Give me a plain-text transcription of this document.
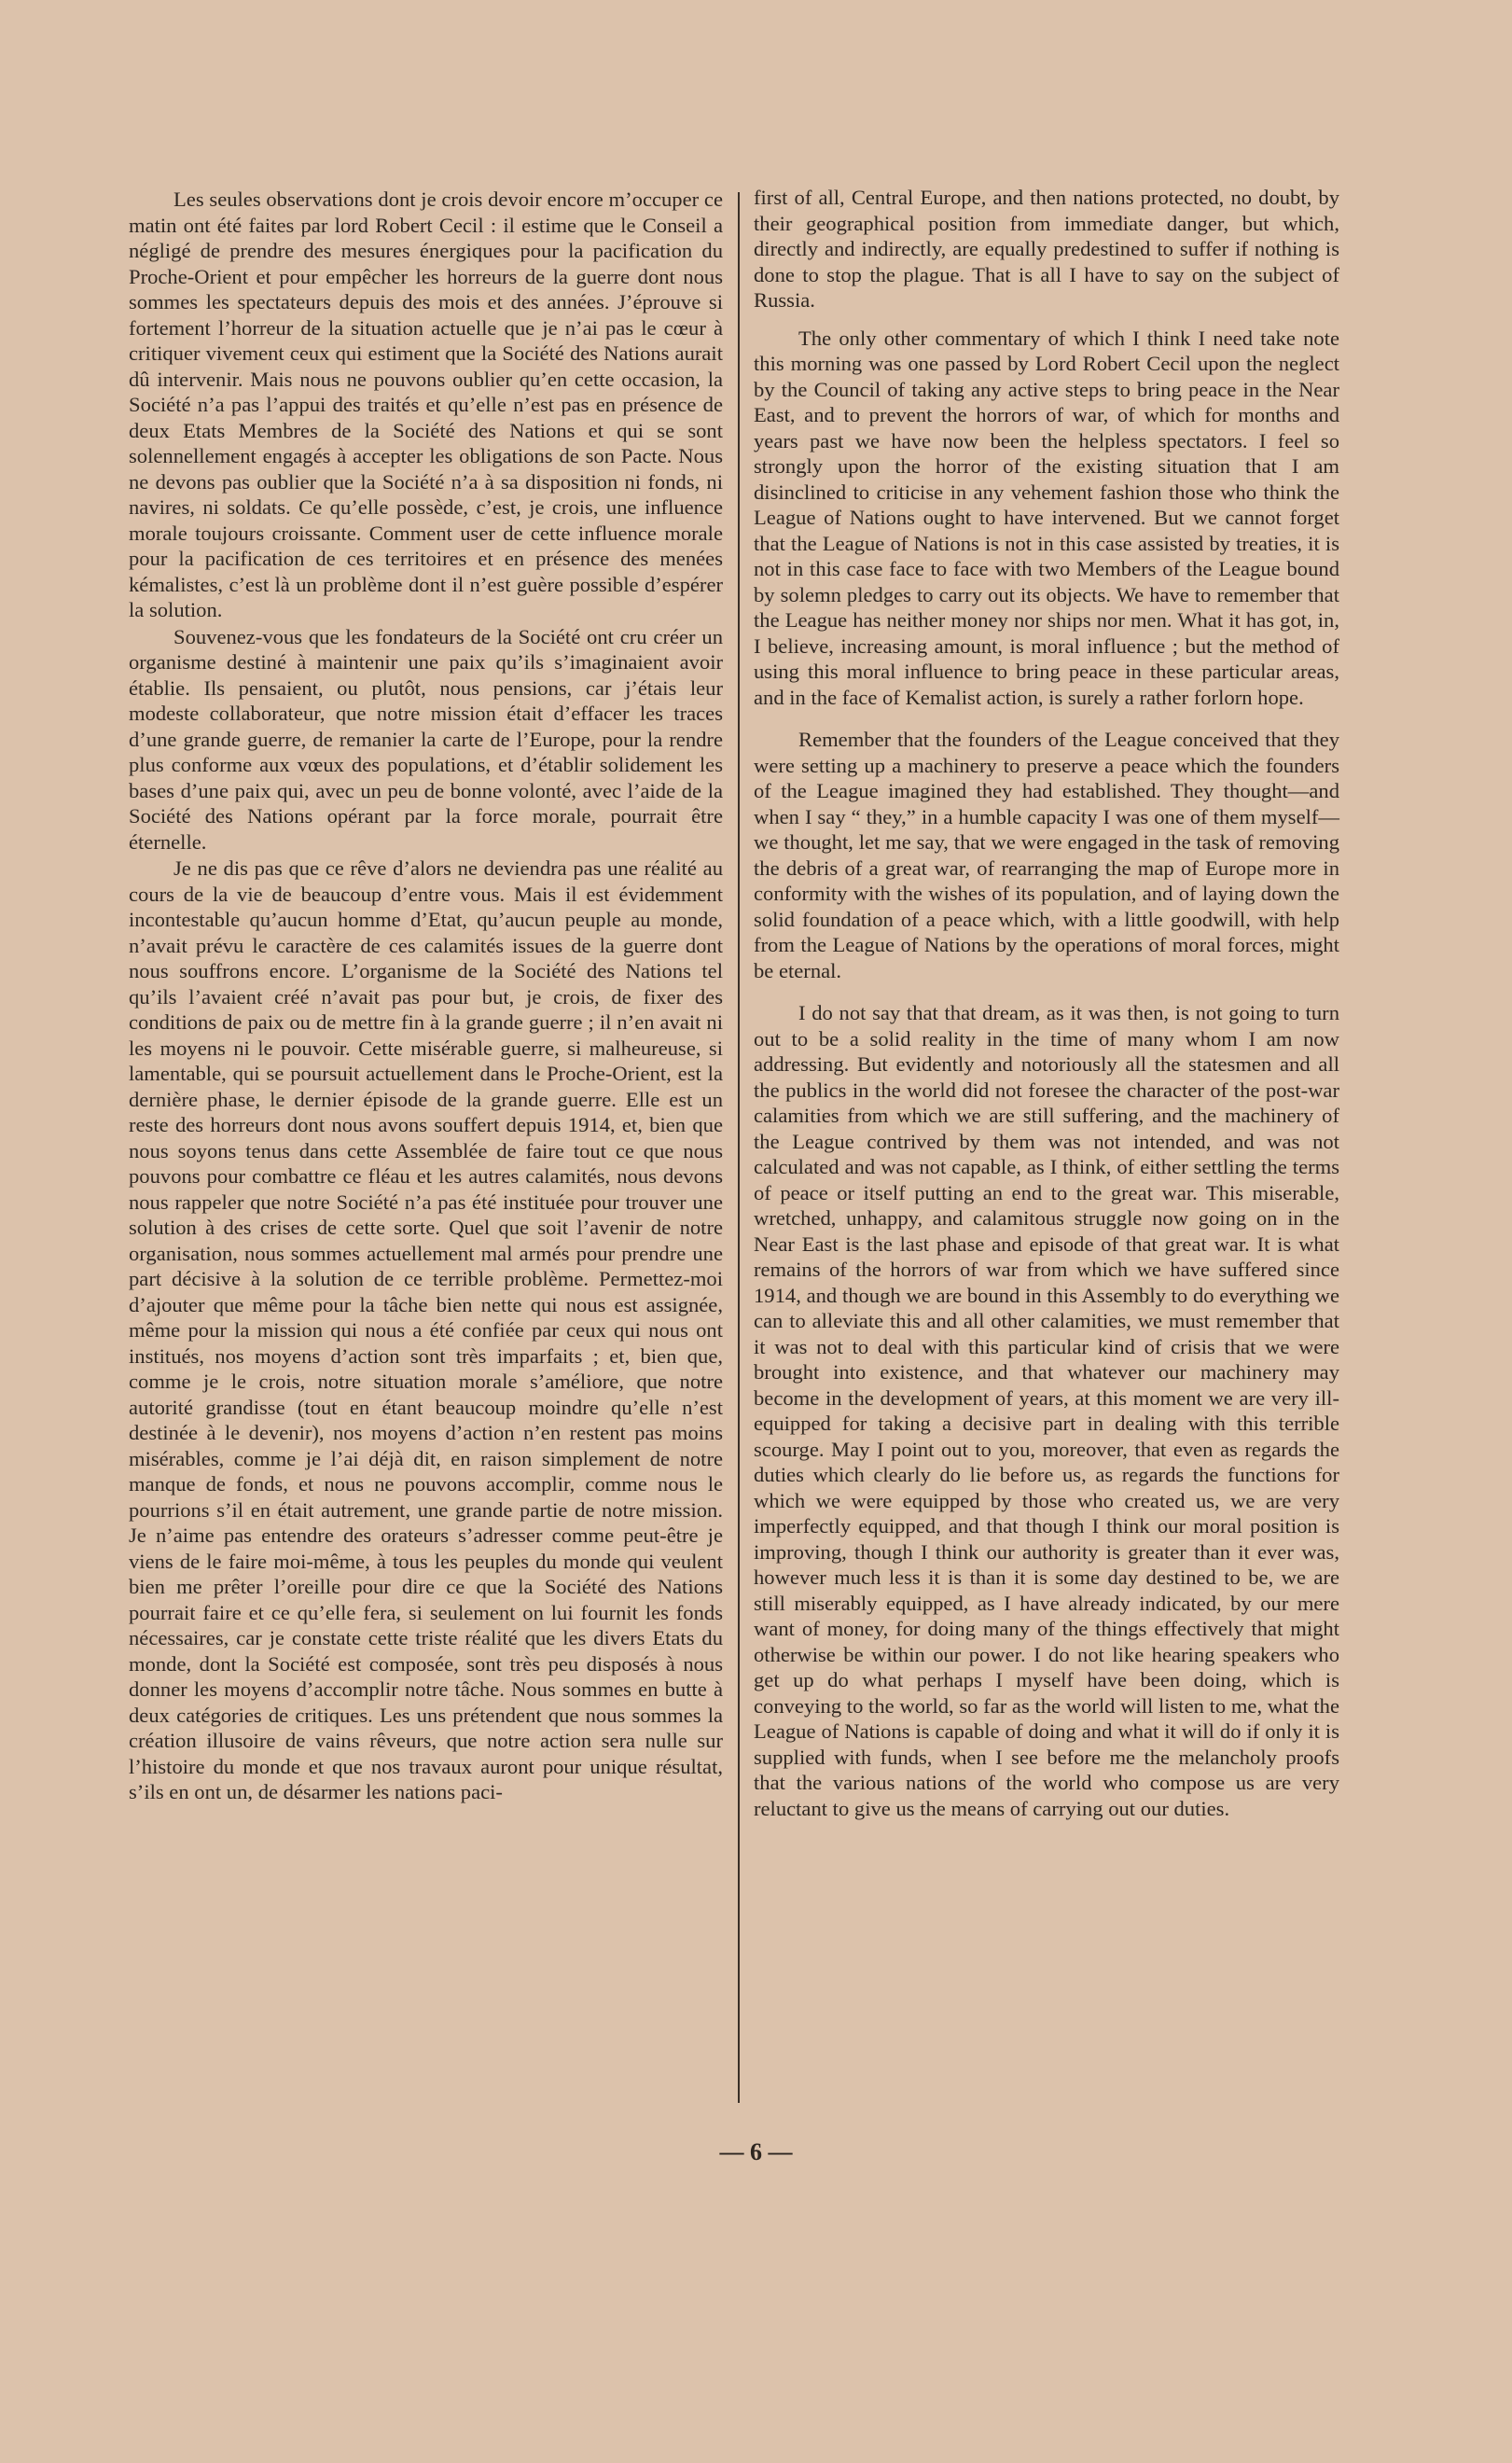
Les seules observations dont je crois devoir encore m’occuper ce matin ont été faites par lord Robert Cecil : il estime que le Conseil a négligé de prendre des mesures énergiques pour la pacification du Proche-Orient et pour empêcher les horreurs de la guerre dont nous sommes les spectateurs depuis des mois et des années. J’éprouve si fortement l’horreur de la situation actuelle que je n’ai pas le cœur à critiquer vivement ceux qui estiment que la Société des Nations aurait dû intervenir. Mais nous ne pouvons oublier qu’en cette occasion, la Société n’a pas l’appui des traités et qu’elle n’est pas en présence de deux Etats Membres de la Société des Nations et qui se sont solennellement engagés à accepter les obligations de son Pacte. Nous ne devons pas oublier que la Société n’a à sa disposition ni fonds, ni navires, ni soldats. Ce qu’elle possède, c’est, je crois, une influence morale toujours croissante. Comment user de cette influence morale pour la pacification de ces territoires et en présence des menées kémalistes, c’est là un problème dont il n’est guère possible d’espérer la solution.

Souvenez-vous que les fondateurs de la Société ont cru créer un organisme destiné à maintenir une paix qu’ils s’imaginaient avoir établie. Ils pensaient, ou plutôt, nous pensions, car j’étais leur modeste collaborateur, que notre mission était d’effacer les traces d’une grande guerre, de remanier la carte de l’Europe, pour la rendre plus conforme aux vœux des populations, et d’établir solidement les bases d’une paix qui, avec un peu de bonne volonté, avec l’aide de la Société des Nations opérant par la force morale, pourrait être éternelle.

Je ne dis pas que ce rêve d’alors ne deviendra pas une réalité au cours de la vie de beaucoup d’entre vous. Mais il est évidemment incontestable qu’aucun homme d’Etat, qu’aucun peuple au monde, n’avait prévu le caractère de ces calamités issues de la guerre dont nous souffrons encore. L’organisme de la Société des Nations tel qu’ils l’avaient créé n’avait pas pour but, je crois, de fixer des conditions de paix ou de mettre fin à la grande guerre ; il n’en avait ni les moyens ni le pouvoir. Cette misérable guerre, si malheureuse, si lamentable, qui se poursuit actuellement dans le Proche-Orient, est la dernière phase, le dernier épisode de la grande guerre. Elle est un reste des horreurs dont nous avons souffert depuis 1914, et, bien que nous soyons tenus dans cette Assemblée de faire tout ce que nous pouvons pour combattre ce fléau et les autres calamités, nous devons nous rappeler que notre Société n’a pas été instituée pour trouver une solution à des crises de cette sorte. Quel que soit l’avenir de notre organisation, nous sommes actuellement mal armés pour prendre une part décisive à la solution de ce terrible problème. Permettez-moi d’ajouter que même pour la tâche bien nette qui nous est assignée, même pour la mission qui nous a été confiée par ceux qui nous ont institués, nos moyens d’action sont très imparfaits ; et, bien que, comme je le crois, notre situation morale s’améliore, que notre autorité grandisse (tout en étant beaucoup moindre qu’elle n’est destinée à le devenir), nos moyens d’action n’en restent pas moins misérables, comme je l’ai déjà dit, en raison simplement de notre manque de fonds, et nous ne pouvons accomplir, comme nous le pourrions s’il en était autrement, une grande partie de notre mission. Je n’aime pas entendre des orateurs s’adresser comme peut-être je viens de le faire moi-même, à tous les peuples du monde qui veulent bien me prêter l’oreille pour dire ce que la Société des Nations pourrait faire et ce qu’elle fera, si seulement on lui fournit les fonds nécessaires, car je constate cette triste réalité que les divers Etats du monde, dont la Société est composée, sont très peu disposés à nous donner les moyens d’accomplir notre tâche. Nous sommes en butte à deux catégories de critiques. Les uns prétendent que nous sommes la création illusoire de vains rêveurs, que notre action sera nulle sur l’histoire du monde et que nos travaux auront pour unique résultat, s’ils en ont un, de désarmer les nations paci-

first of all, Central Europe, and then nations protected, no doubt, by their geographical position from immediate danger, but which, directly and indirectly, are equally predestined to suffer if nothing is done to stop the plague. That is all I have to say on the subject of Russia.

The only other commentary of which I think I need take note this morning was one passed by Lord Robert Cecil upon the neglect by the Council of taking any active steps to bring peace in the Near East, and to prevent the horrors of war, of which for months and years past we have now been the helpless spectators. I feel so strongly upon the horror of the existing situation that I am disinclined to criticise in any vehement fashion those who think the League of Nations ought to have intervened. But we cannot forget that the League of Nations is not in this case assisted by treaties, it is not in this case face to face with two Members of the League bound by solemn pledges to carry out its objects. We have to remember that the League has neither money nor ships nor men. What it has got, in, I believe, increasing amount, is moral influence ; but the method of using this moral influence to bring peace in these particular areas, and in the face of Kemalist action, is surely a rather forlorn hope.

Remember that the founders of the League conceived that they were setting up a machinery to preserve a peace which the founders of the League imagined they had established. They thought—and when I say “ they,” in a humble capacity I was one of them myself—we thought, let me say, that we were engaged in the task of removing the debris of a great war, of rearranging the map of Europe more in conformity with the wishes of its population, and of laying down the solid foundation of a peace which, with a little goodwill, with help from the League of Nations by the operations of moral forces, might be eternal.

I do not say that that dream, as it was then, is not going to turn out to be a solid reality in the time of many whom I am now addressing. But evidently and notoriously all the statesmen and all the publics in the world did not foresee the character of the post-war calamities from which we are still suffering, and the machinery of the League contrived by them was not intended, and was not calculated and was not capable, as I think, of either settling the terms of peace or itself putting an end to the great war. This miserable, wretched, unhappy, and calamitous struggle now going on in the Near East is the last phase and episode of that great war. It is what remains of the horrors of war from which we have suffered since 1914, and though we are bound in this Assembly to do everything we can to alleviate this and all other calamities, we must remember that it was not to deal with this particular kind of crisis that we were brought into existence, and that whatever our machinery may become in the development of years, at this moment we are very ill-equipped for taking a decisive part in dealing with this terrible scourge. May I point out to you, moreover, that even as regards the duties which clearly do lie before us, as regards the functions for which we were equipped by those who created us, we are very imperfectly equipped, and that though I think our moral position is improving, though I think our authority is greater than it ever was, however much less it is than it is some day destined to be, we are still miserably equipped, as I have already indicated, by our mere want of money, for doing many of the things effectively that might otherwise be within our power. I do not like hearing speakers who get up do what perhaps I myself have been doing, which is conveying to the world, so far as the world will listen to me, what the League of Nations is capable of doing and what it will do if only it is supplied with funds, when I see before me the melancholy proofs that the various nations of the world who compose us are very reluctant to give us the means of carrying out our duties.

— 6 —
